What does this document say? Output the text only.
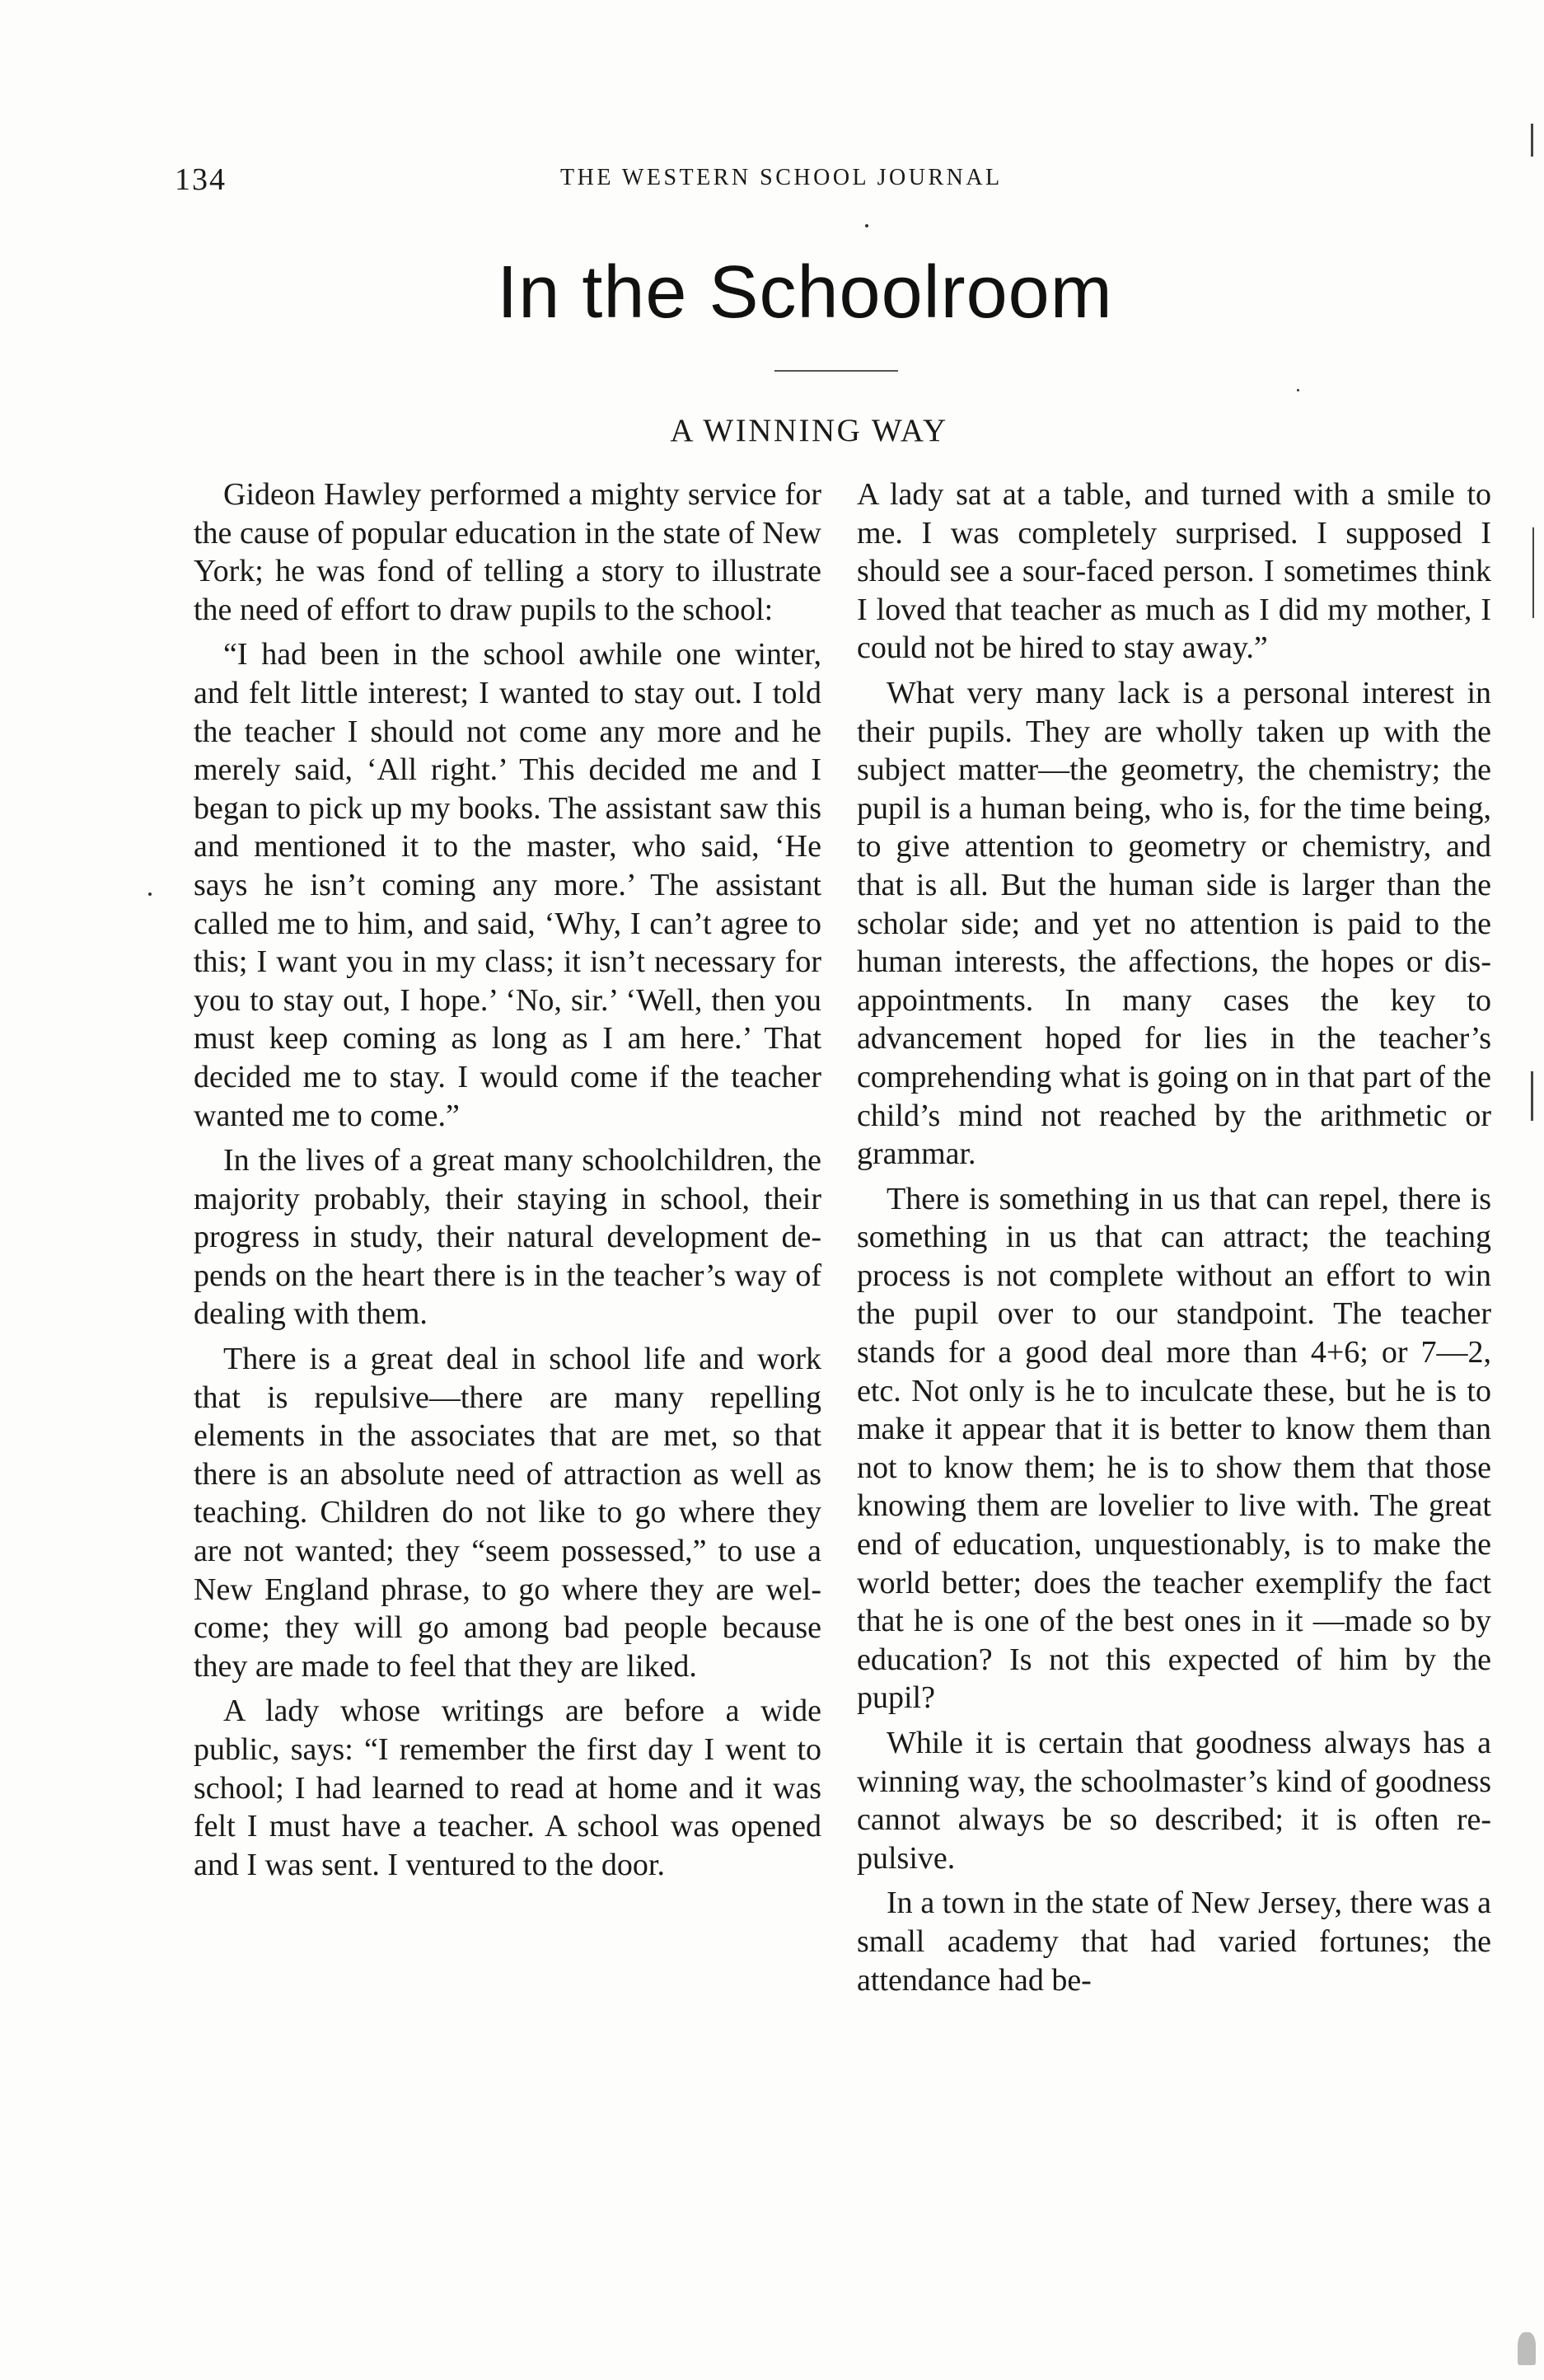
134	THE WESTERN SCHOOL JOURNAL
In the Schoolroom
A WINNING WAY

Gideon Hawley performed a mighty service for the cause of popular education in the state of New York; he was fond of telling a story to illustrate the need of effort to draw pupils to the school:

“I had been in the school awhile one winter, and felt little interest; I wanted to stay out. I told the teacher I should not come any more and he merely said, ‘All right.’ This decided me and I began to pick up my books. The assistant saw this and mentioned it to the master, who said, ‘He says he isn’t coming any more.’ The assistant called me to him, and said, ‘Why, I can’t agree to this; I want you in my class; it isn’t necessary for you to stay out, I hope.’ ‘No, sir.’ ‘Well, then you must keep coming as long as I am here.’ That decided me to stay. I would come if the teacher wanted me to come.”

In the lives of a great many schoolchildren, the majority probably, their staying in school, their progress in study, their natural development depends on the heart there is in the teacher’s way of dealing with them.

There is a great deal in school life and work that is repulsive—there are many repelling elements in the associates that are met, so that there is an absolute need of attraction as well as teaching. Children do not like to go where they are not wanted; they “seem possessed,” to use a New England phrase, to go where they are welcome; they will go among bad people because they are made to feel that they are liked.

A lady whose writings are before a wide public, says: “I remember the first day I went to school; I had learned to read at home and it was felt I must have a teacher. A school was opened and I was sent. I ventured to the door.

A lady sat at a table, and turned with a smile to me. I was completely surprised. I supposed I should see a sour-faced person. I sometimes think I loved that teacher as much as I did my mother, I could not be hired to stay away.”

What very many lack is a personal interest in their pupils. They are wholly taken up with the subject matter—the geometry, the chemistry; the pupil is a human being, who is, for the time being, to give attention to geometry or chemistry, and that is all. But the human side is larger than the scholar side; and yet no attention is paid to the human interests, the affections, the hopes or disappointments. In many cases the key to advancement hoped for lies in the teacher’s comprehending what is going on in that part of the child’s mind not reached by the arithmetic or grammar.

There is something in us that can repel, there is something in us that can attract; the teaching process is not complete without an effort to win the pupil over to our standpoint. The teacher stands for a good deal more than 4+6; or 7—2, etc. Not only is he to inculcate these, but he is to make it appear that it is better to know them than not to know them; he is to show them that those knowing them are lovelier to live with. The great end of education, unquestionably, is to make the world better; does the teacher exemplify the fact that he is one of the best ones in it —made so by education? Is not this expected of him by the pupil?

While it is certain that goodness always has a winning way, the schoolmaster’s kind of goodness cannot always be so described; it is often repulsive.

In a town in the state of New Jersey, there was a small academy that had varied fortunes; the attendance had be-
